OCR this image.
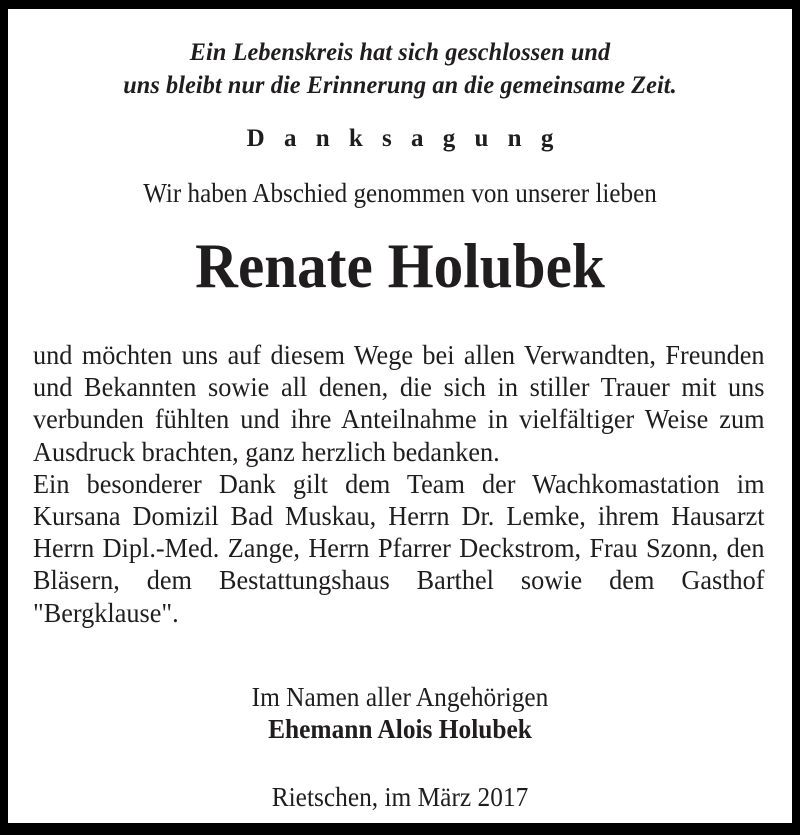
Ein Lebenskreis hat sich geschlossen und
uns bleibt nur die Erinnerung an die gemeinsame Zeit.
D a n k s a g u n g
Wir haben Abschied genommen von unserer lieben
Renate Holubek

und möchten uns auf diesem Wege bei allen Verwandten, Freunden und Bekannten sowie all denen, die sich in stiller Trauer mit uns verbunden fühlten und ihre Anteilnahme in vielfältiger Weise zum Ausdruck brachten, ganz herzlich bedanken.

Ein besonderer Dank gilt dem Team der Wachkomastation im Kursana Domizil Bad Muskau, Herrn Dr. Lemke, ihrem Hausarzt Herrn Dipl.-Med. Zange, Herrn Pfarrer Deckstrom, Frau Szonn, den Bläsern, dem Bestattungshaus Barthel sowie dem Gasthof "Bergklause".

Im Namen aller Angehörigen

Ehemann Alois Holubek

Rietschen, im März 2017
